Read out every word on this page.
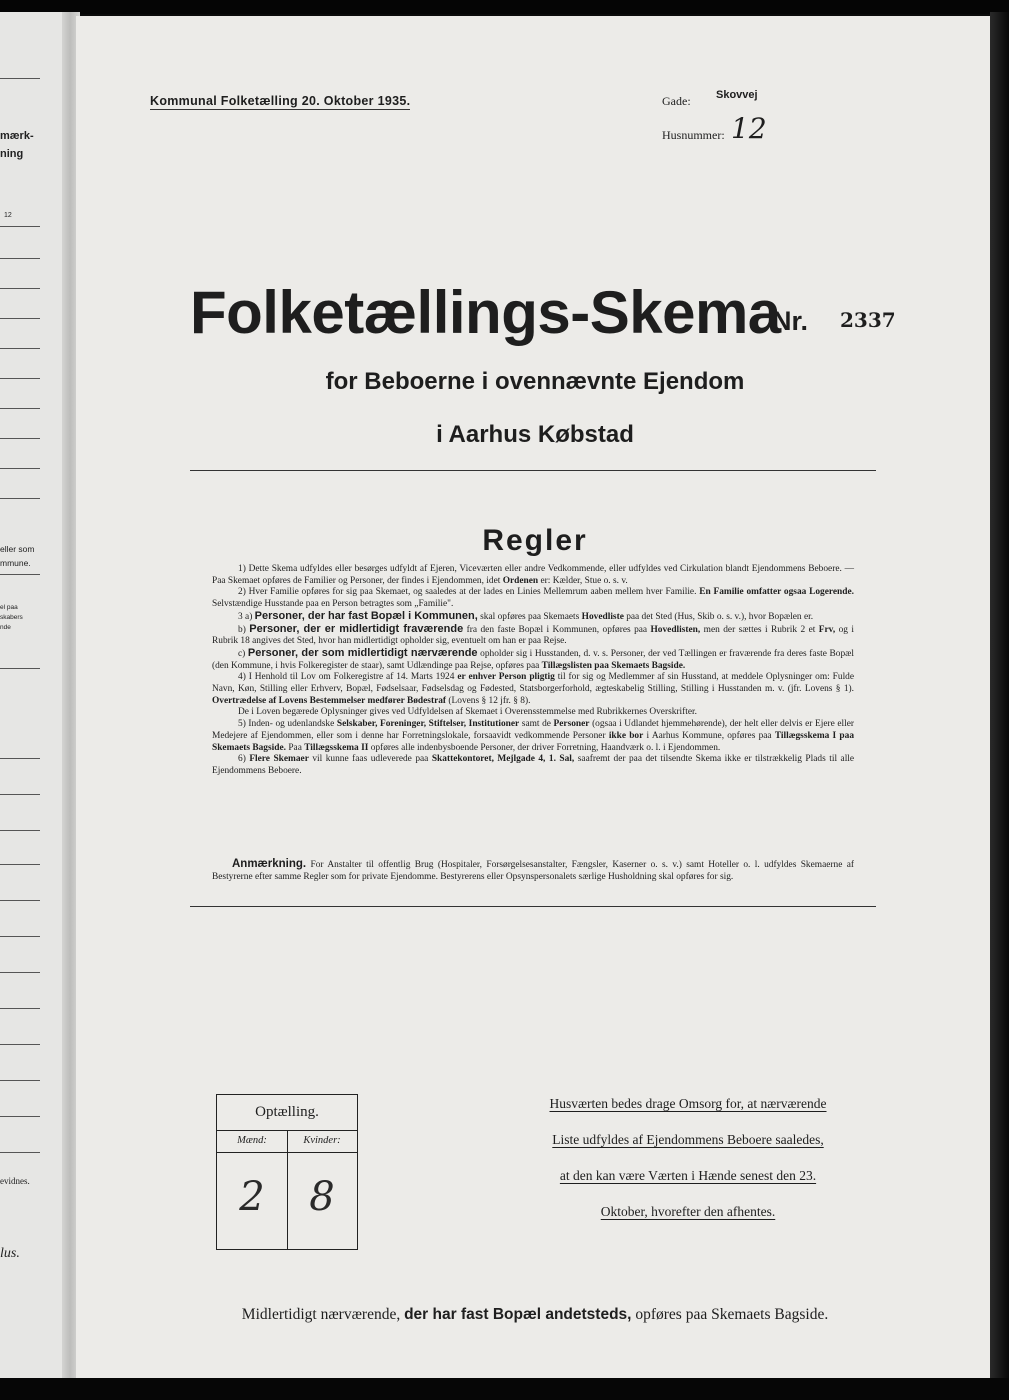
mærk-
ning
12
eller som
mmune.
el paa
skabers
nde
evidnes.
lus.
Kommunal Folketælling 20. Oktober 1935.	Gade: Skovvej
Husnummer: 12
Folketællings-Skema
Nr. 2337
for Beboerne i ovennævnte Ejendom
i Aarhus Købstad
Regler

1) Dette Skema udfyldes eller besørges udfyldt af Ejeren, Viceværten eller andre Vedkommende, eller udfyldes ved Cirkulation blandt Ejendommens Beboere. — Paa Skemaet opføres de Familier og Personer, der findes i Ejendommen, idet Ordenen er: Kælder, Stue o. s. v.

2) Hver Familie opføres for sig paa Skemaet, og saaledes at der lades en Linies Mellemrum aaben mellem hver Familie. En Familie omfatter ogsaa Logerende. Selvstændige Husstande paa en Person betragtes som „Familie".

3 a) Personer, der har fast Bopæl i Kommunen, skal opføres paa Skemaets Hovedliste paa det Sted (Hus, Skib o. s. v.), hvor Bopælen er.

b) Personer, der er midlertidigt fraværende fra den faste Bopæl i Kommunen, opføres paa Hovedlisten, men der sættes i Rubrik 2 et Frv, og i Rubrik 18 angives det Sted, hvor han midlertidigt opholder sig, eventuelt om han er paa Rejse.

c) Personer, der som midlertidigt nærværende opholder sig i Husstanden, d. v. s. Personer, der ved Tællingen er fraværende fra deres faste Bopæl (den Kommune, i hvis Folkeregister de staar), samt Udlændinge paa Rejse, opføres paa Tillægslisten paa Skemaets Bagside.

4) I Henhold til Lov om Folkeregistre af 14. Marts 1924 er enhver Person pligtig til for sig og Medlemmer af sin Husstand, at meddele Oplysninger om: Fulde Navn, Køn, Stilling eller Erhverv, Bopæl, Fødselsaar, Fødselsdag og Fødested, Statsborgerforhold, ægteskabelig Stilling, Stilling i Husstanden m. v. (jfr. Lovens § 1). Overtrædelse af Lovens Bestemmelser medfører Bødestraf (Lovens § 12 jfr. § 8).

De i Loven begærede Oplysninger gives ved Udfyldelsen af Skemaet i Overensstemmelse med Rubrikkernes Overskrifter.

5) Inden- og udenlandske Selskaber, Foreninger, Stiftelser, Institutioner samt de Personer (ogsaa i Udlandet hjemmehørende), der helt eller delvis er Ejere eller Medejere af Ejendommen, eller som i denne har Forretningslokale, forsaavidt vedkommende Personer ikke bor i Aarhus Kommune, opføres paa Tillægsskema I paa Skemaets Bagside. Paa Tillægsskema II opføres alle indenbysboende Personer, der driver Forretning, Haandværk o. l. i Ejendommen.

6) Flere Skemaer vil kunne faas udleverede paa Skattekontoret, Mejlgade 4, 1. Sal, saafremt der paa det tilsendte Skema ikke er tilstrækkelig Plads til alle Ejendommens Beboere.

Anmærkning. For Anstalter til offentlig Brug (Hospitaler, Forsørgelsesanstalter, Fængsler, Kaserner o. s. v.) samt Hoteller o. l. udfyldes Skemaerne af Bestyrerne efter samme Regler som for private Ejendomme. Bestyrerens eller Opsynspersonalets særlige Husholdning skal opføres for sig.

Optælling.
Mænd:	Kvinder:
2	8
Husværten bedes drage Omsorg for, at nærværende
Liste udfyldes af Ejendommens Beboere saaledes,
at den kan være Værten i Hænde senest den 23.
Oktober, hvorefter den afhentes.
Midlertidigt nærværende, der har fast Bopæl andetsteds, opføres paa Skemaets Bagside.
